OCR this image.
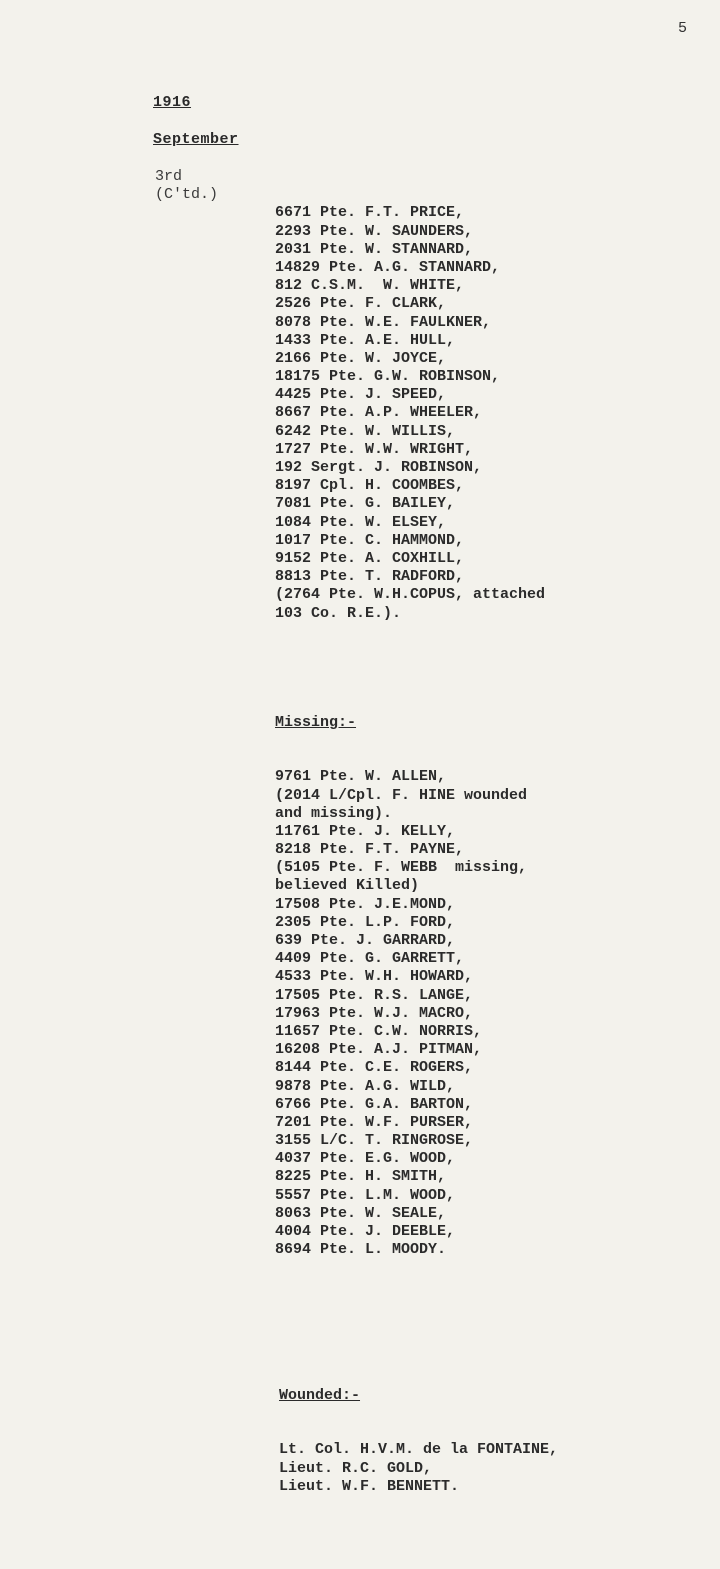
5
1916
September
3rd
(C'td.)

6671 Pte. F.T. PRICE,
2293 Pte. W. SAUNDERS,
2031 Pte. W. STANNARD,
14829 Pte. A.G. STANNARD,
812 C.S.M.  W. WHITE,
2526 Pte. F. CLARK,
8078 Pte. W.E. FAULKNER,
1433 Pte. A.E. HULL,
2166 Pte. W. JOYCE,
18175 Pte. G.W. ROBINSON,
4425 Pte. J. SPEED,
8667 Pte. A.P. WHEELER,
6242 Pte. W. WILLIS,
1727 Pte. W.W. WRIGHT,
192 Sergt. J. ROBINSON,
8197 Cpl. H. COOMBES,
7081 Pte. G. BAILEY,
1084 Pte. W. ELSEY,
1017 Pte. C. HAMMOND,
9152 Pte. A. COXHILL,
8813 Pte. T. RADFORD,
(2764 Pte. W.H.COPUS, attached
103 Co. R.E.).

Missing:-

9761 Pte. W. ALLEN,
(2014 L/Cpl. F. HINE wounded
and missing).
11761 Pte. J. KELLY,
8218 Pte. F.T. PAYNE,
(5105 Pte. F. WEBB  missing,
believed Killed)
17508 Pte. J.E.MOND,
2305 Pte. L.P. FORD,
639 Pte. J. GARRARD,
4409 Pte. G. GARRETT,
4533 Pte. W.H. HOWARD,
17505 Pte. R.S. LANGE,
17963 Pte. W.J. MACRO,
11657 Pte. C.W. NORRIS,
16208 Pte. A.J. PITMAN,
8144 Pte. C.E. ROGERS,
9878 Pte. A.G. WILD,
6766 Pte. G.A. BARTON,
7201 Pte. W.F. PURSER,
3155 L/C. T. RINGROSE,
4037 Pte. E.G. WOOD,
8225 Pte. H. SMITH,
5557 Pte. L.M. WOOD,
8063 Pte. W. SEALE,
4004 Pte. J. DEEBLE,
8694 Pte. L. MOODY.

Wounded:-

Lt. Col. H.V.M. de la FONTAINE,
Lieut. R.C. GOLD,
Lieut. W.F. BENNETT.
